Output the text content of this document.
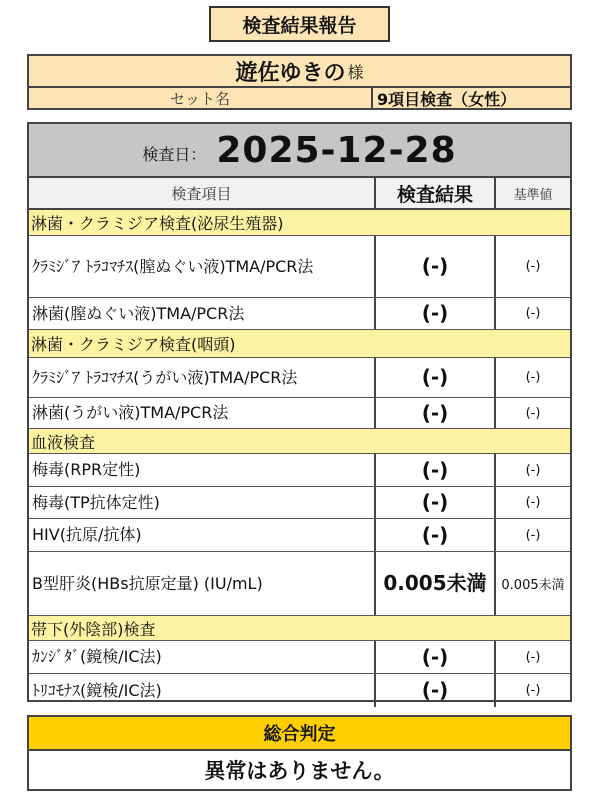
検査結果報告
遊佐ゆきの 様
セット名	9項目検査（女性）
検査日： 2025-12-28
検査項目	検査結果	基準値
淋菌・クラミジア検査(泌尿生殖器)
ｸﾗﾐｼﾞｱ ﾄﾗｺﾏﾁｽ(膣ぬぐい液)TMA/PCR法	(-)	(-)
淋菌(膣ぬぐい液)TMA/PCR法	(-)	(-)
淋菌・クラミジア検査(咽頭)
ｸﾗﾐｼﾞｱ ﾄﾗｺﾏﾁｽ(うがい液)TMA/PCR法	(-)	(-)
淋菌(うがい液)TMA/PCR法	(-)	(-)
血液検査
梅毒(RPR定性)	(-)	(-)
梅毒(TP抗体定性)	(-)	(-)
HIV(抗原/抗体)	(-)	(-)
B型肝炎(HBs抗原定量) (IU/mL)	0.005未満	0.005未満
帯下(外陰部)検査
ｶﾝｼﾞﾀﾞ(鏡検/IC法)	(-)	(-)
ﾄﾘｺﾓﾅｽ(鏡検/IC法)	(-)	(-)
総合判定
異常はありません。
